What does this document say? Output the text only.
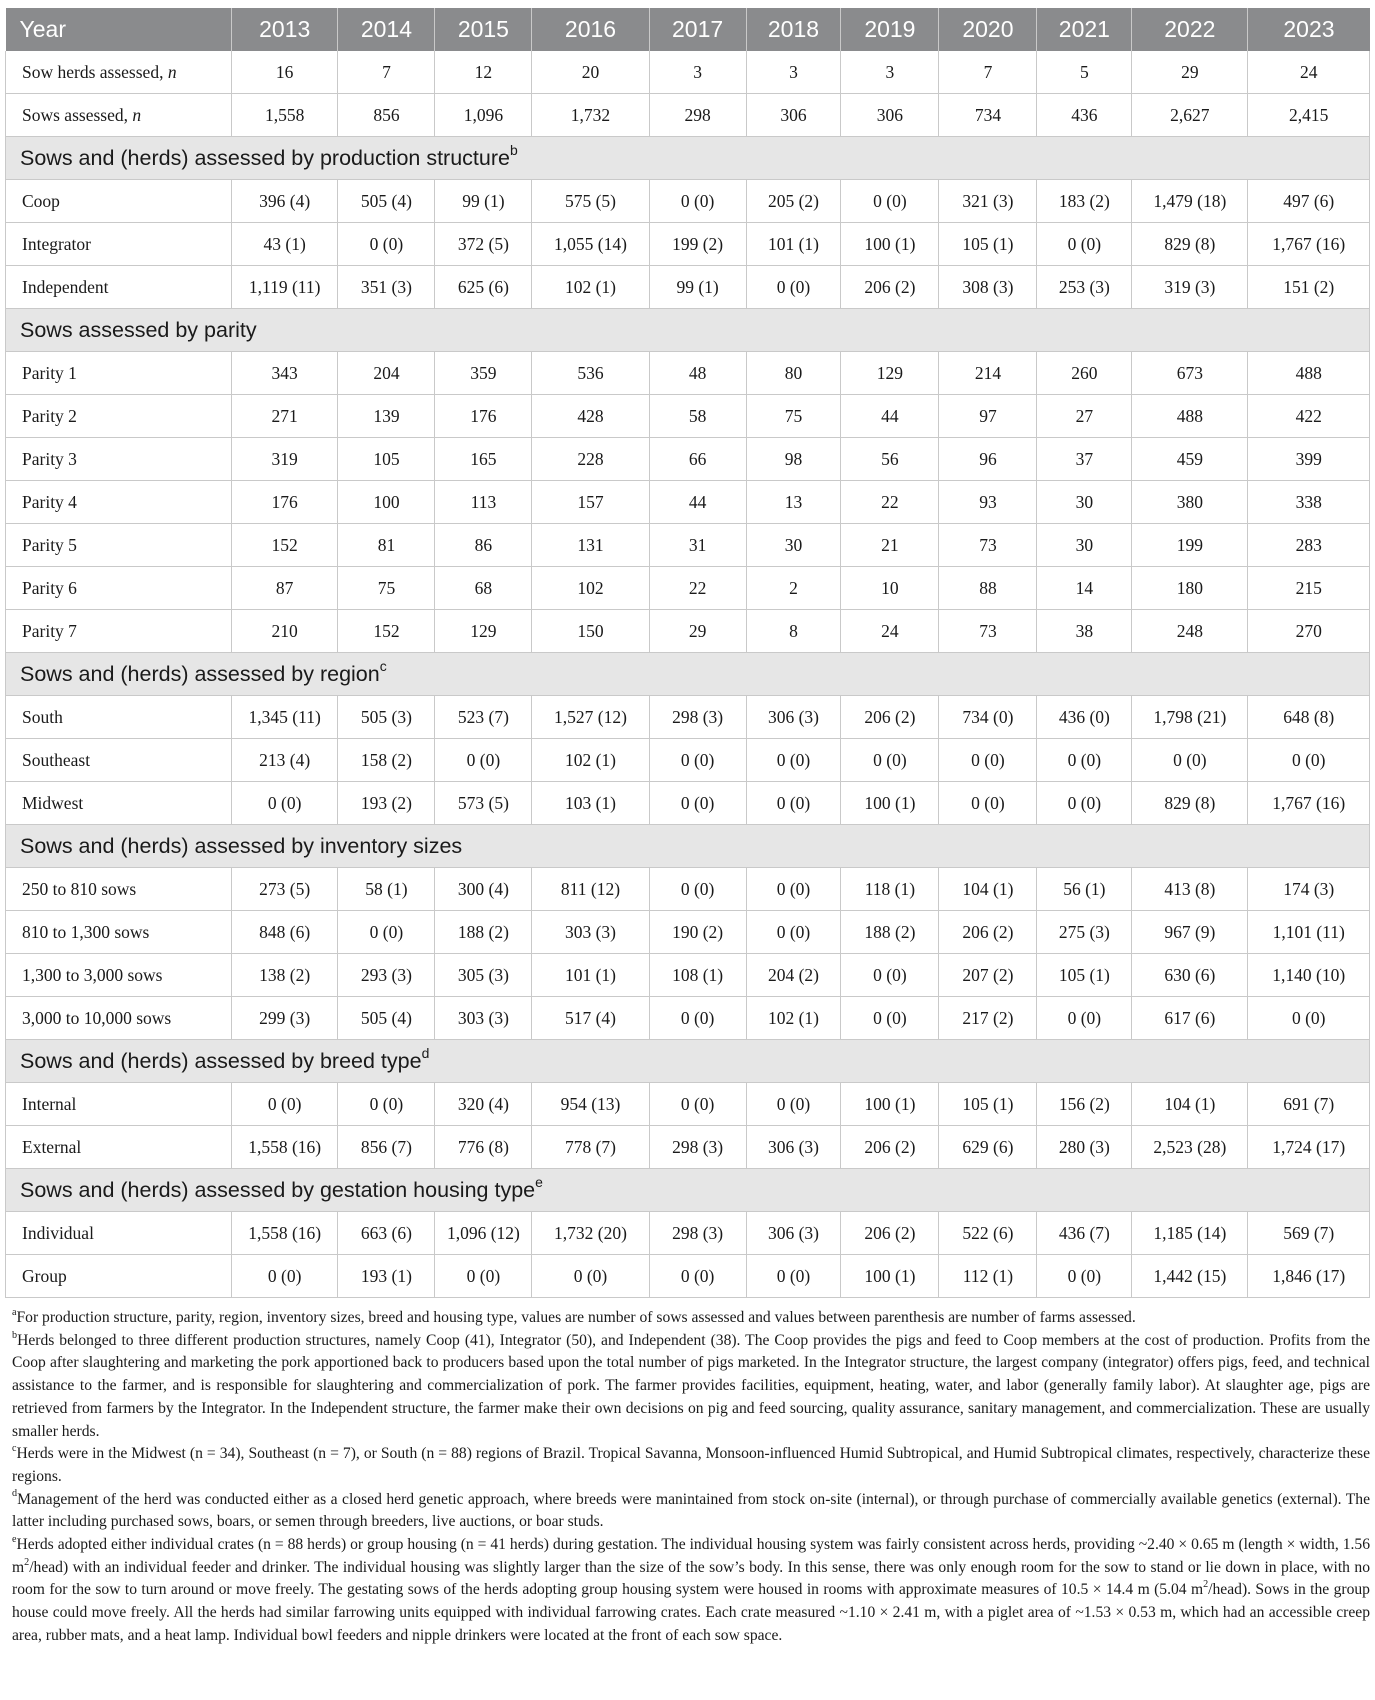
Year	2013	2014	2015	2016	2017	2018	2019	2020	2021	2022	2023
Sow herds assessed, n	16	7	12	20	3	3	3	7	5	29	24
Sows assessed, n	1,558	856	1,096	1,732	298	306	306	734	436	2,627	2,415
Sows and (herds) assessed by production structure$^b$
Coop	396 (4)	505 (4)	99 (1)	575 (5)	0 (0)	205 (2)	0 (0)	321 (3)	183 (2)	1,479 (18)	497 (6)
Integrator	43 (1)	0 (0)	372 (5)	1,055 (14)	199 (2)	101 (1)	100 (1)	105 (1)	0 (0)	829 (8)	1,767 (16)
Independent	1,119 (11)	351 (3)	625 (6)	102 (1)	99 (1)	0 (0)	206 (2)	308 (3)	253 (3)	319 (3)	151 (2)
Sows assessed by parity											
Parity 1	343	204	359	536	48	80	129	214	260	673	488
Parity 2	271	139	176	428	58	75	44	97	27	488	422
Parity 3	319	105	165	228	66	98	56	96	37	459	399
Parity 4	176	100	113	157	44	13	22	93	30	380	338
Parity 5	152	81	86	131	31	30	21	73	30	199	283
Parity 6	87	75	68	102	22	2	10	88	14	180	215
Parity 7	210	152	129	150	29	8	24	73	38	248	270
Sows and (herds) assessed by region$^c$
South	1,345 (11)	505 (3)	523 (7)	1,527 (12)	298 (3)	306 (3)	206 (2)	734 (0)	436 (0)	1,798 (21)	648 (8)
Southeast	213 (4)	158 (2)	0 (0)	102 (1)	0 (0)	0 (0)	0 (0)	0 (0)	0 (0)	0 (0)	0 (0)
Midwest	0 (0)	193 (2)	573 (5)	103 (1)	0 (0)	0 (0)	100 (1)	0 (0)	0 (0)	829 (8)	1,767 (16)
Sows and (herds) assessed by inventory sizes											
250 to 810 sows	273 (5)	58 (1)	300 (4)	811 (12)	0 (0)	0 (0)	118 (1)	104 (1)	56 (1)	413 (8)	174 (3)
810 to 1,300 sows	848 (6)	0 (0)	188 (2)	303 (3)	190 (2)	0 (0)	188 (2)	206 (2)	275 (3)	967 (9)	1,101 (11)
1,300 to 3,000 sows	138 (2)	293 (3)	305 (3)	101 (1)	108 (1)	204 (2)	0 (0)	207 (2)	105 (1)	630 (6)	1,140 (10)
3,000 to 10,000 sows	299 (3)	505 (4)	303 (3)	517 (4)	0 (0)	102 (1)	0 (0)	217 (2)	0 (0)	617 (6)	0 (0)
Sows and (herds) assessed by breed type$^d$
Internal	0 (0)	0 (0)	320 (4)	954 (13)	0 (0)	0 (0)	100 (1)	105 (1)	156 (2)	104 (1)	691 (7)
External	1,558 (16)	856 (7)	776 (8)	778 (7)	298 (3)	306 (3)	206 (2)	629 (6)	280 (3)	2,523 (28)	1,724 (17)
Sows and (herds) assessed by gestation housing type$^e$
Individual	1,558 (16)	663 (6)	1,096 (12)	1,732 (20)	298 (3)	306 (3)	206 (2)	522 (6)	436 (7)	1,185 (14)	569 (7)
Group	0 (0)	193 (1)	0 (0)	0 (0)	0 (0)	0 (0)	100 (1)	112 (1)	0 (0)	1,442 (15)	1,846 (17)

$^a$For production structure, parity, region, inventory sizes, breed and housing type, values are number of sows assessed and values between parenthesis are number of farms assessed.

$^b$Herds belonged to three different production structures, namely Coop (41), Integrator (50), and Independent (38). The Coop provides the pigs and feed to Coop members at the cost of production. Profits from the Coop after slaughtering and marketing the pork apportioned back to producers based upon the total number of pigs marketed. In the Integrator structure, the largest company (integrator) offers pigs, feed, and technical assistance to the farmer, and is responsible for slaughtering and commercialization of pork. The farmer provides facilities, equipment, heating, water, and labor (generally family labor). At slaughter age, pigs are retrieved from farmers by the Integrator. In the Independent structure, the farmer make their own decisions on pig and feed sourcing, quality assurance, sanitary management, and commercialization. These are usually smaller herds.

$^c$Herds were in the Midwest (n = 34), Southeast (n = 7), or South (n = 88) regions of Brazil. Tropical Savanna, Monsoon-influenced Humid Subtropical, and Humid Subtropical climates, respectively, characterize these regions.

$^d$Management of the herd was conducted either as a closed herd genetic approach, where breeds were manintained from stock on-site (internal), or through purchase of commercially available genetics (external). The latter including purchased sows, boars, or semen through breeders, live auctions, or boar studs.

$^e$Herds adopted either individual crates (n = 88 herds) or group housing (n = 41 herds) during gestation. The individual housing system was fairly consistent across herds, providing ~2.40 × 0.65 m (length × width, 1.56 $m^2/head$) with an individual feeder and drinker. The individual housing was slightly larger than the size of the sow’s body. In this sense, there was only enough room for the sow to stand or lie down in place, with no room for the sow to turn around or move freely. The gestating sows of the herds adopting group housing system were housed in rooms with approximate measures of 10.5 × 14.4 m (5.04 $m^2/head$). Sows in the group house could move freely. All the herds had similar farrowing units equipped with individual farrowing crates. Each crate measured ~1.10 × 2.41 m, with a piglet area of ~1.53 × 0.53 m, which had an accessible creep area, rubber mats, and a heat lamp. Individual bowl feeders and nipple drinkers were located at the front of each sow space.
